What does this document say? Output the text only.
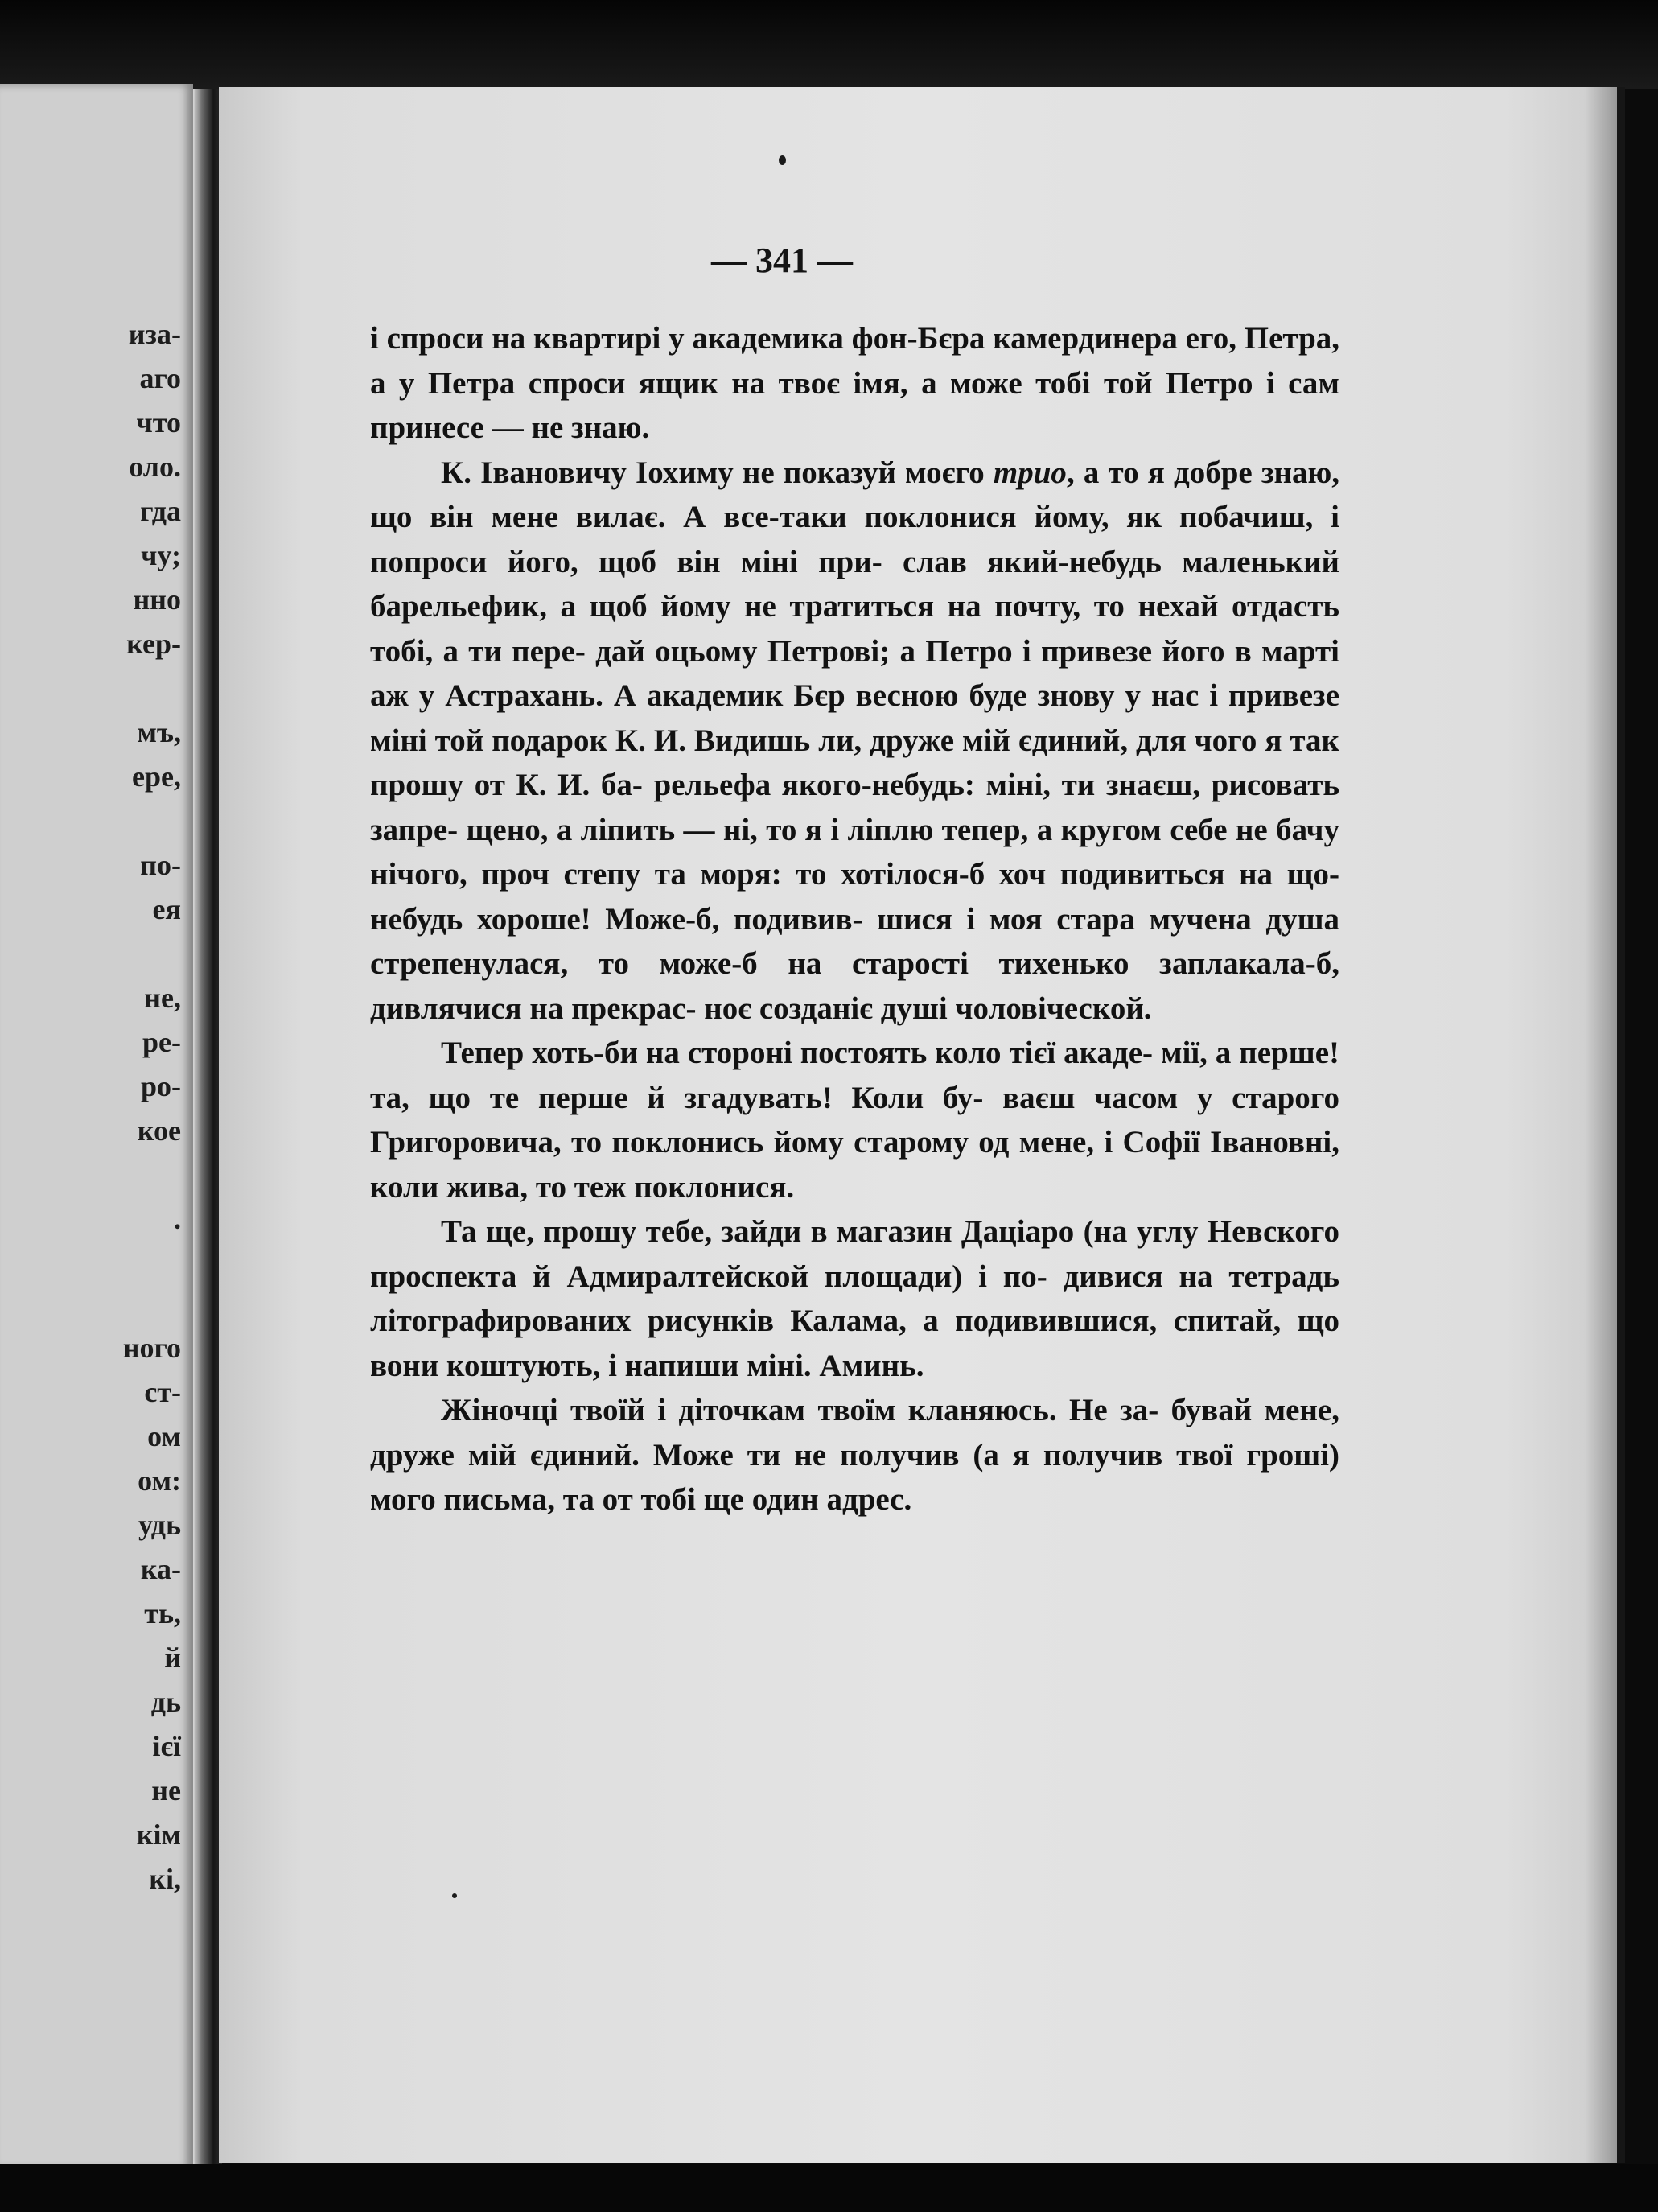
иза-
аго
что
оло.
гда
чу;
нно
кер-
мъ,
ере,
по-
ея
не,
ре-
ро-
кое
.
ного
ст-
ом
ом:
удь
ка-
ть,
й
дь
ієї
не
кім
кі,
— 341 —

і спроси на квартирі у академика фон-Бєра камердинера его, Петра, а у Петра спроси ящик на твоє імя, а може тобі той Петро і сам принесе — не знаю.

К. Івановичу Іохиму не показуй моєго трио, а то я добре знаю, що він мене вилає. А все-таки поклонися йому, як побачиш, і попроси його, щоб він міні при- слав який-небудь маленький барельефик, а щоб йому не тратиться на почту, то нехай отдасть тобі, а ти пере- дай оцьому Петрові; а Петро і привезе його в марті аж у Астрахань. А академик Бєр весною буде знову у нас і привезе міні той подарок К. И. Видишь ли, друже мій єдиний, для чого я так прошу от К. И. ба- рельефа якого-небудь: міні, ти знаєш, рисовать запре- щено, а ліпить — ні, то я і ліплю тепер, а кругом себе не бачу нічого, проч степу та моря: то хотілося-б хоч подивиться на що-небудь хороше! Може-б, подивив- шися і моя стара мучена душа стрепенулася, то може-б на старості тихенько заплакала-б, дивлячися на прекрас- нoє созданіє душі чоловіческой.

Тепер хоть-би на стороні постоять коло тієї акаде- мії, а перше! та, що те перше й згадувать! Коли бу- ваєш часом у старого Григоровича, то поклонись йому старому од мене, і Софії Івановні, коли жива, то теж поклонися.

Та ще, прошу тебе, зайди в магазин Даціаро (на углу Невского проспекта й Адмиралтейской площади) і по- дивися на тетрадь літографированих рисунків Калама, а подивившися, спитай, що вони коштують, і напиши міні. Аминь.

Жіночці твоїй і діточкам твоїм кланяюсь. Не за- бувай мене, друже мій єдиний. Може ти не получив (а я получив твої гроші) мого письма, та от тобі ще один адрес.
